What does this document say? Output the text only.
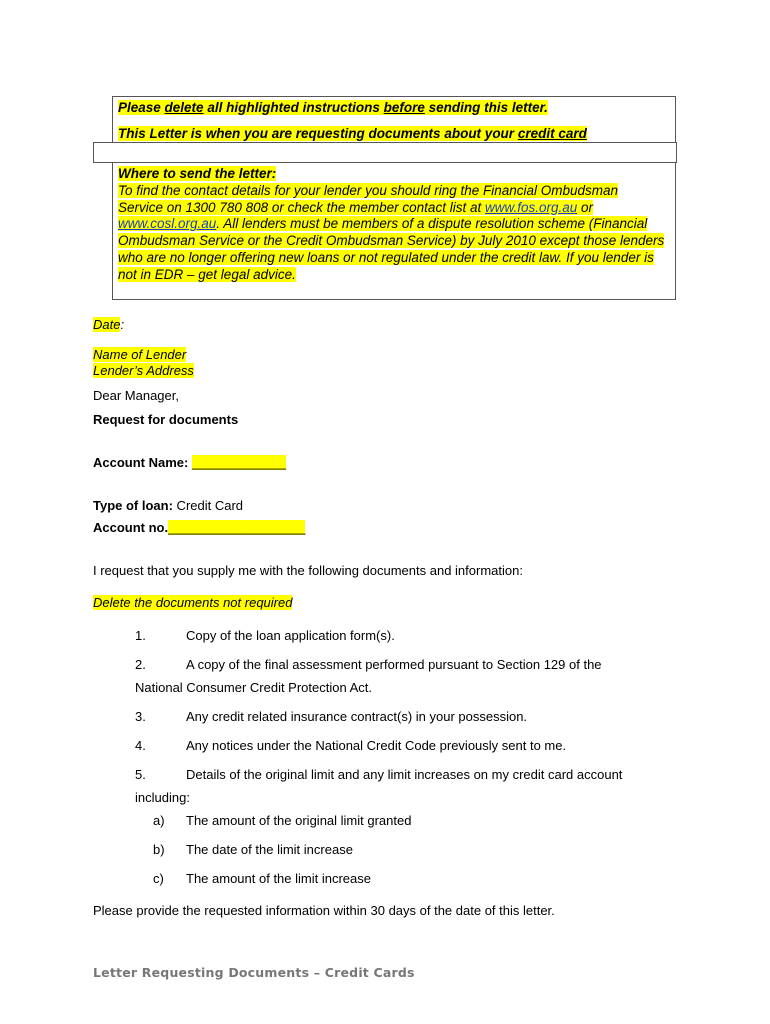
Please delete all highlighted instructions before sending this letter.
This Letter is when you are requesting documents about your credit card
Where to send the letter:
To find the contact details for your lender you should ring the Financial Ombudsman Service on 1300 780 808 or check the member contact list at www.fos.org.au or www.cosl.org.au. All lenders must be members of a dispute resolution scheme (Financial Ombudsman Service or the Credit Ombudsman Service) by July 2010 except those lenders who are no longer offering new loans or not regulated under the credit law. If you lender is not in EDR – get legal advice.
Date:
Name of Lender
Lender’s Address
Dear Manager,
Request for documents
Account Name: _____________
Type of loan: Credit Card
Account no.___________________
I request that you supply me with the following documents and information:
Delete the documents not required
1.	Copy of the loan application form(s).
2.	A copy of the final assessment performed pursuant to Section 129 of the
National Consumer Credit Protection Act.
3.	Any credit related insurance contract(s) in your possession.
4.	Any notices under the National Credit Code previously sent to me.
5.	Details of the original limit and any limit increases on my credit card account
including:
a) The amount of the original limit granted
b) The date of the limit increase
c) The amount of the limit increase
Please provide the requested information within 30 days of the date of this letter.
Letter Requesting Documents – Credit Cards
